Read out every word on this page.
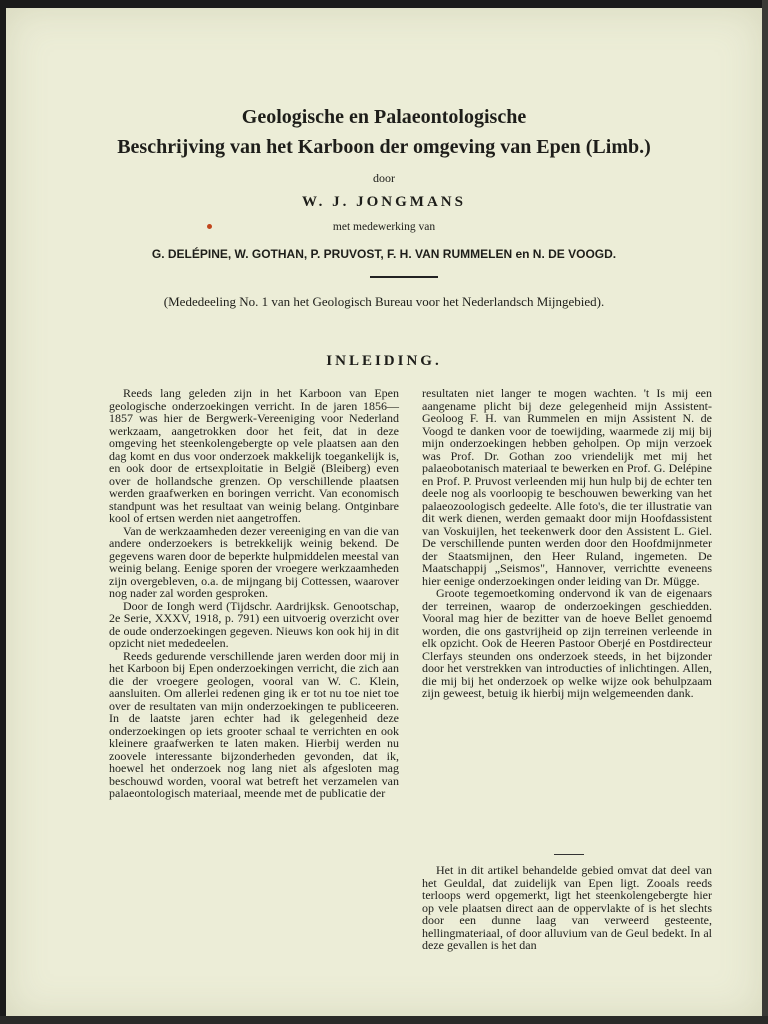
Geologische en Palaeontologische
Beschrijving van het Karboon der omgeving van Epen (Limb.)
door
W. J. JONGMANS
met medewerking van
G. DELÉPINE, W. GOTHAN, P. PRUVOST, F. H. VAN RUMMELEN en N. DE VOOGD.
(Mededeeling No. 1 van het Geologisch Bureau voor het Nederlandsch Mijngebied).
INLEIDING.

Reeds lang geleden zijn in het Karboon van Epen geologische onderzoekingen verricht. In de jaren 1856—1857 was hier de Bergwerk-Vereeniging voor Nederland werkzaam, aangetrokken door het feit, dat in deze omgeving het steenkolengebergte op vele plaatsen aan den dag komt en dus voor onderzoek makkelijk toegankelijk is, en ook door de ertsexploitatie in België (Bleiberg) even over de hollandsche grenzen. Op verschillende plaatsen werden graafwerken en boringen verricht. Van economisch standpunt was het resultaat van weinig belang. Ontginbare kool of ertsen werden niet aangetroffen.

Van de werkzaamheden dezer vereeniging en van die van andere onderzoekers is betrekkelijk weinig bekend. De gegevens waren door de beperkte hulpmiddelen meestal van weinig belang. Eenige sporen der vroegere werkzaamheden zijn overgebleven, o.a. de mijngang bij Cottessen, waarover nog nader zal worden gesproken.

Door de Iongh werd (Tijdschr. Aardrijksk. Genootschap, 2e Serie, XXXV, 1918, p. 791) een uitvoerig overzicht over de oude onderzoekingen gegeven. Nieuws kon ook hij in dit opzicht niet mededeelen.

Reeds gedurende verschillende jaren werden door mij in het Karboon bij Epen onderzoekingen verricht, die zich aan die der vroegere geologen, vooral van W. C. Klein, aansluiten. Om allerlei redenen ging ik er tot nu toe niet toe over de resultaten van mijn onderzoekingen te publiceeren. In de laatste jaren echter had ik gelegenheid deze onderzoekingen op iets grooter schaal te verrichten en ook kleinere graafwerken te laten maken. Hierbij werden nu zoovele interessante bijzonderheden gevonden, dat ik, hoewel het onderzoek nog lang niet als afgesloten mag beschouwd worden, vooral wat betreft het verzamelen van palaeontologisch materiaal, meende met de publicatie der

resultaten niet langer te mogen wachten. 't Is mij een aangename plicht bij deze gelegenheid mijn Assistent-Geoloog F. H. van Rummelen en mijn Assistent N. de Voogd te danken voor de toewijding, waarmede zij mij bij mijn onderzoekingen hebben geholpen. Op mijn verzoek was Prof. Dr. Gothan zoo vriendelijk met mij het palaeobotanisch materiaal te bewerken en Prof. G. Delépine en Prof. P. Pruvost verleenden mij hun hulp bij de echter ten deele nog als voorloopig te beschouwen bewerking van het palaeozoologisch gedeelte. Alle foto's, die ter illustratie van dit werk dienen, werden gemaakt door mijn Hoofdassistent van Voskuijlen, het teekenwerk door den Assistent L. Giel. De verschillende punten werden door den Hoofdmijnmeter der Staatsmijnen, den Heer Ruland, ingemeten. De Maatschappij „Seismos", Hannover, verrichtte eveneens hier eenige onderzoekingen onder leiding van Dr. Mügge.

Groote tegemoetkoming ondervond ik van de eigenaars der terreinen, waarop de onderzoekingen geschiedden. Vooral mag hier de bezitter van de hoeve Bellet genoemd worden, die ons gastvrijheid op zijn terreinen verleende in elk opzicht. Ook de Heeren Pastoor Oberjé en Postdirecteur Clerfays steunden ons onderzoek steeds, in het bijzonder door het verstrekken van introducties of inlichtingen. Allen, die mij bij het onderzoek op welke wijze ook behulpzaam zijn geweest, betuig ik hierbij mijn welgemeenden dank.

Het in dit artikel behandelde gebied omvat dat deel van het Geuldal, dat zuidelijk van Epen ligt. Zooals reeds terloops werd opgemerkt, ligt het steenkolengebergte hier op vele plaatsen direct aan de oppervlakte of is het slechts door een dunne laag van verweerd gesteente, hellingmateriaal, of door alluvium van de Geul bedekt. In al deze gevallen is het dan
